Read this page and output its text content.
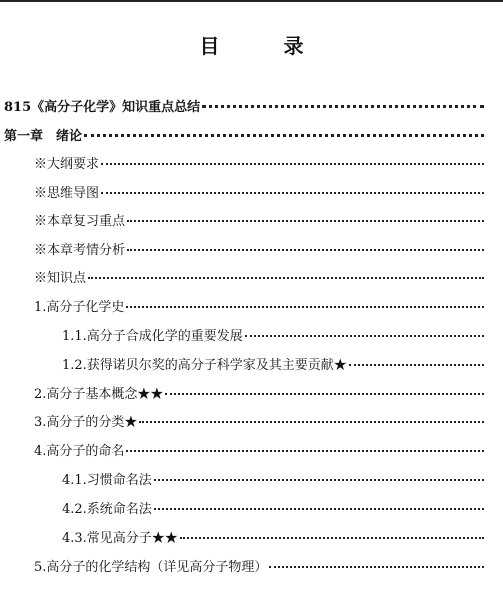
目　录
815《高分子化学》知识重点总结
第一章　绪论
※大纲要求
※思维导图
※本章复习重点
※本章考情分析
※知识点
1.高分子化学史
1.1.高分子合成化学的重要发展
1.2.获得诺贝尔奖的高分子科学家及其主要贡献★
2.高分子基本概念★★
3.高分子的分类★
4.高分子的命名
4.1.习惯命名法
4.2.系统命名法
4.3.常见高分子★★
5.高分子的化学结构（详见高分子物理）
